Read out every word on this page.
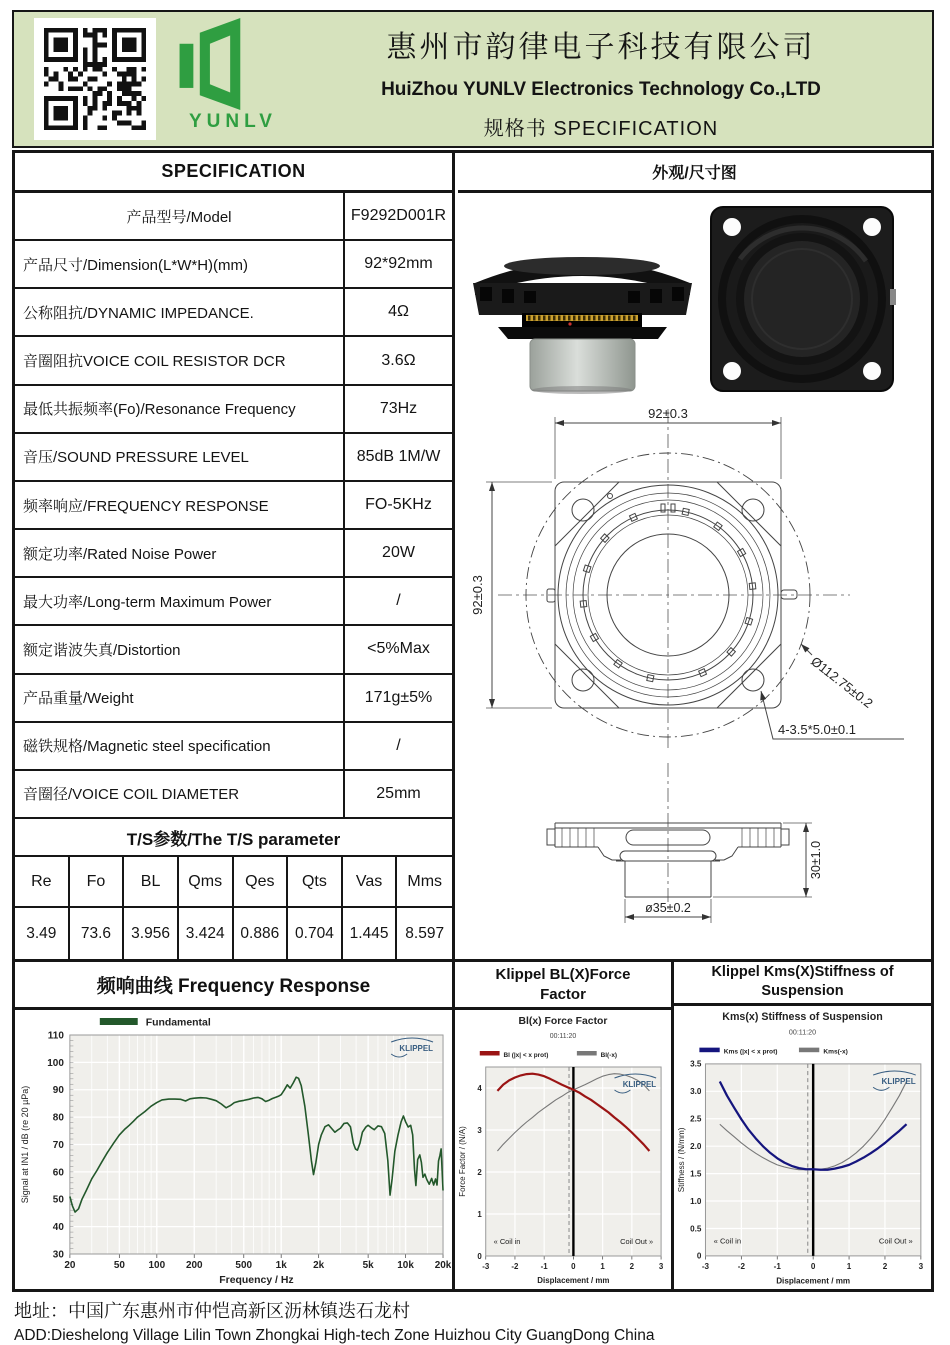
YUNLV
惠州市韵律电子科技有限公司
HuiZhou YUNLV Electronics Technology Co.,LTD
规格书 SPECIFICATION
SPECIFICATION
产品型号/Model	F9292D001R
产品尺寸/Dimension(L*W*H)(mm)	92*92mm
公称阻抗/DYNAMIC IMPEDANCE.	4Ω
音圈阻抗VOICE COIL RESISTOR DCR	3.6Ω
最低共振频率(Fo)/Resonance Frequency	73Hz
音压/SOUND PRESSURE LEVEL	85dB 1M/W
频率响应/FREQUENCY RESPONSE	FO-5KHz
额定功率/Rated Noise Power	20W
最大功率/Long-term Maximum Power	/
额定谐波失真/Distortion	<5%Max
产品重量/Weight	171g±5%
磁铁规格/Magnetic steel specification	/
音圈径/VOICE COIL DIAMETER	25mm
T/S参数/The T/S parameter
Re	Fo	BL	Qms	Qes	Qts	Vas	Mms
3.49	73.6	3.956	3.424	0.886	0.704	1.445	8.597
外观/尺寸图
92±0.3
92±0.3
Ø112.75±0.2
4-3.5*5.0±0.1
ø35±0.2
30±1.0
频响曲线 Frequency Response
20	50 100 200	500 1k	2k	5k 10k 20k
30
40
50
60
70
80
90
100
110
Fundamental
Signal at IN1 / dB (re 20 µPa)
Frequency / Hz
KLIPPEL
Klippel BL(X)Force
Factor
Bl(x) Force Factor
00:11:20
Bl (|x| < x prot)	Bl(-x)
-3	-2	-1	0	1	2	3
0
1
2
3
4
« Coil in	Coil Out »
Force Factor / (N/A)
Displacement / mm
KLIPPEL
Klippel Kms(X)Stiffness of
Suspension
Kms(x) Stiffness of Suspension
00:11:20
Kms (|x| < x prot)	Kms(-x)
-3	-2	-1	0	1	2	3
0
0.5
1.0
1.5
2.0
2.5
3.0
3.5
« Coil in	Coil Out »
Stiffness / (N/mm)
Displacement / mm
KLIPPEL
地址：中国广东惠州市仲恺高新区沥林镇迭石龙村
ADD:Dieshelong Village Lilin Town Zhongkai High-tech Zone Huizhou City GuangDong China
